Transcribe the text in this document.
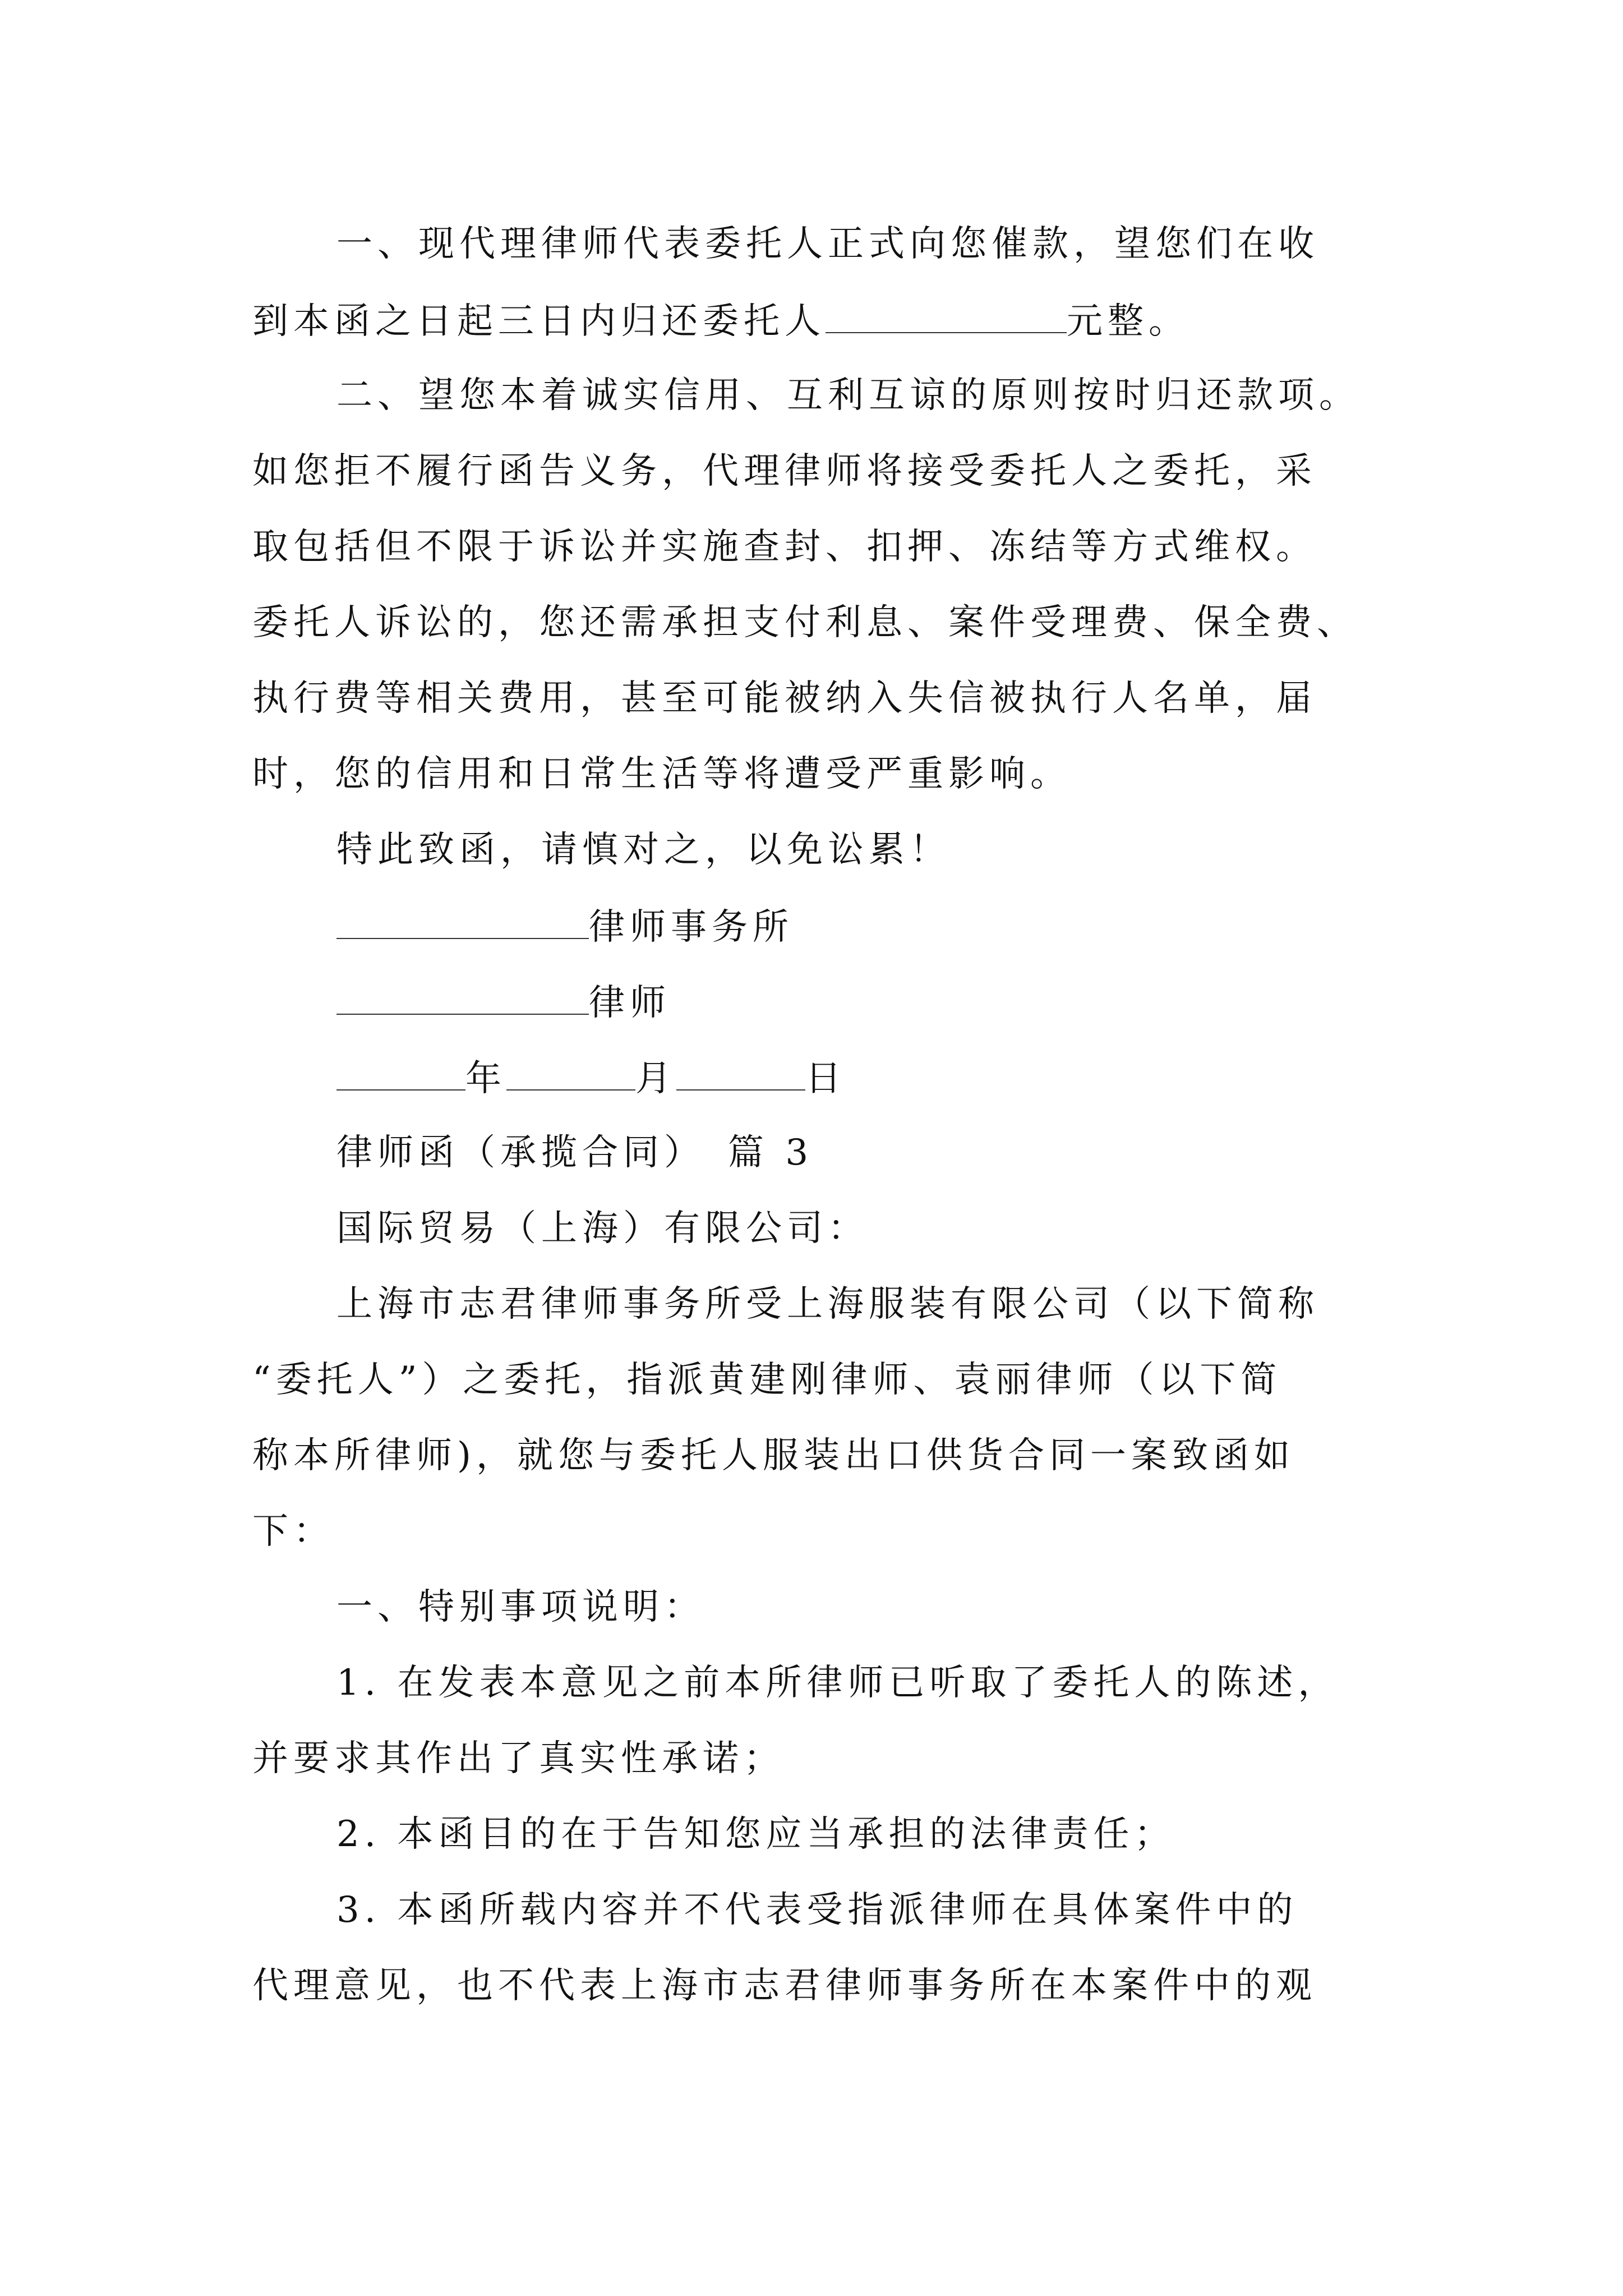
一、现代理律师代表委托人正式向您催款，望您们在收
到本函之日起三日内归还委托人	元整。
二、望您本着诚实信用、互利互谅的原则按时归还款项。
如您拒不履行函告义务，代理律师将接受委托人之委托，采
取包括但不限于诉讼并实施查封、扣押、冻结等方式维权。
委托人诉讼的，您还需承担支付利息、案件受理费、保全费、
执行费等相关费用，甚至可能被纳入失信被执行人名单，届
时，您的信用和日常生活等将遭受严重影响。
特此致函，请慎对之，以免讼累！
律师事务所
律师
年	月	日
律师函（承揽合同）　篇 3
国际贸易（上海）有限公司：
上海市志君律师事务所受上海服装有限公司（以下简称
“委托人”）之委托，指派黄建刚律师、袁丽律师（以下简
称本所律师)，就您与委托人服装出口供货合同一案致函如
下：
一、特别事项说明：
1. 在发表本意见之前本所律师已听取了委托人的陈述，
并要求其作出了真实性承诺；
2. 本函目的在于告知您应当承担的法律责任；
3. 本函所载内容并不代表受指派律师在具体案件中的
代理意见，也不代表上海市志君律师事务所在本案件中的观
